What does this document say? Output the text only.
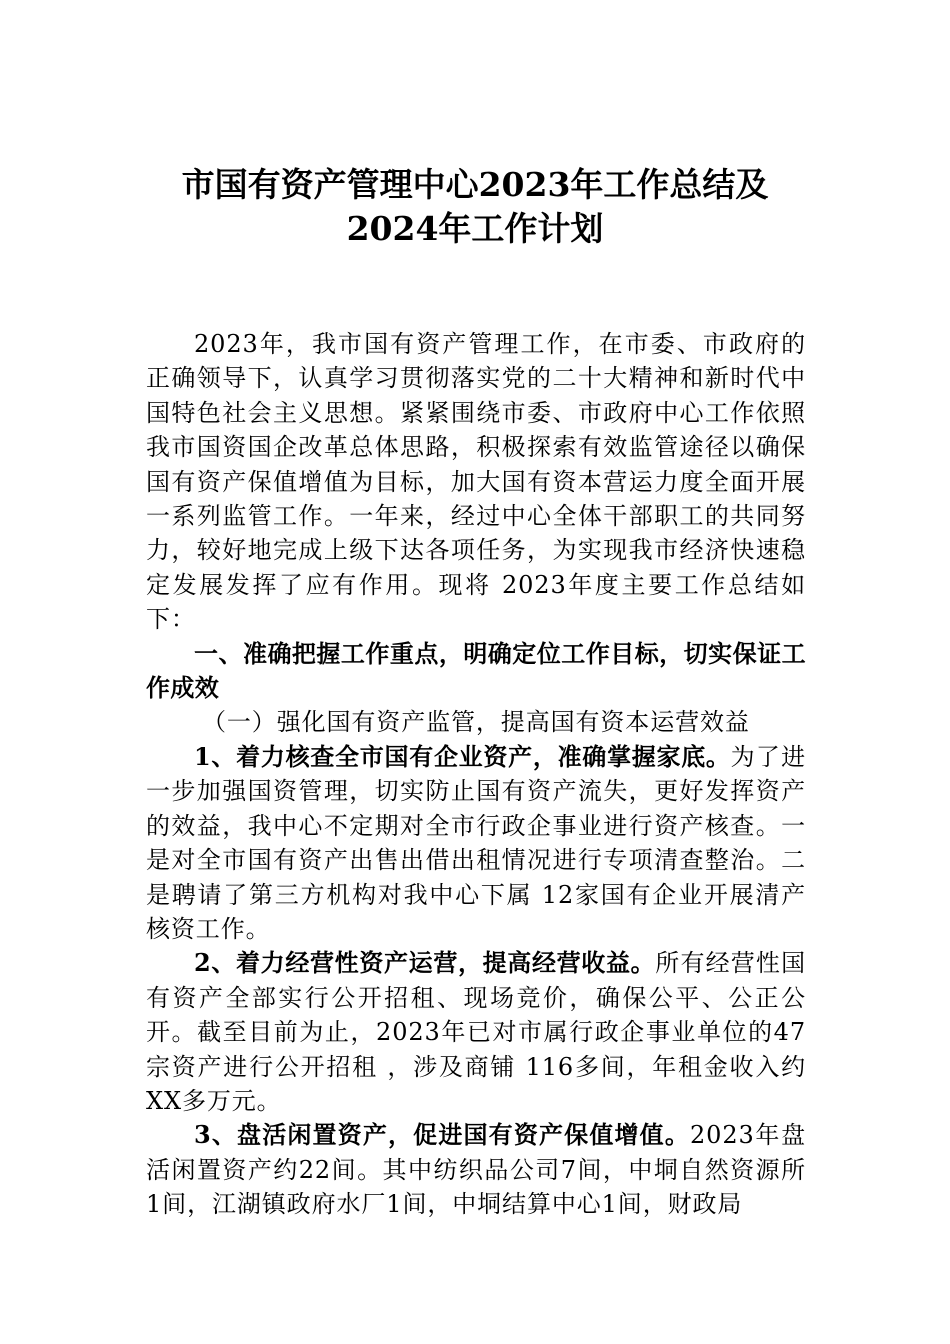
市国有资产管理中心2023年工作总结及
2024年工作计划

2023年，我市国有资产管理工作，在市委、市政府的正确领导下，认真学习贯彻落实党的二十大精神和新时代中国特色社会主义思想。紧紧围绕市委、市政府中心工作依照我市国资国企改革总体思路，积极探索有效监管途径以确保国有资产保值增值为目标，加大国有资本营运力度全面开展一系列监管工作。一年来，经过中心全体干部职工的共同努力，较好地完成上级下达各项任务，为实现我市经济快速稳定发展发挥了应有作用。现将 2023年度主要工作总结如下：

一、准确把握工作重点，明确定位工作目标，切实保证工作成效

（一）强化国有资产监管，提高国有资本运营效益

1、着力核查全市国有企业资产，准确掌握家底。为了进一步加强国资管理，切实防止国有资产流失，更好发挥资产的效益，我中心不定期对全市行政企事业进行资产核查。一是对全市国有资产出售出借出租情况进行专项清查整治。二是聘请了第三方机构对我中心下属 12家国有企业开展清产核资工作。

2、着力经营性资产运营，提高经营收益。所有经营性国有资产全部实行公开招租、现场竞价，确保公平、公正公开。截至目前为止，2023年已对市属行政企事业单位的47宗资产进行公开招租 ，涉及商铺 116多间，年租金收入约XX多万元。

3、盘活闲置资产，促进国有资产保值增值。2023年盘活闲置资产约22间。其中纺织品公司7间，中垌自然资源所1间，江湖镇政府水厂1间，中垌结算中心1间，财政局
